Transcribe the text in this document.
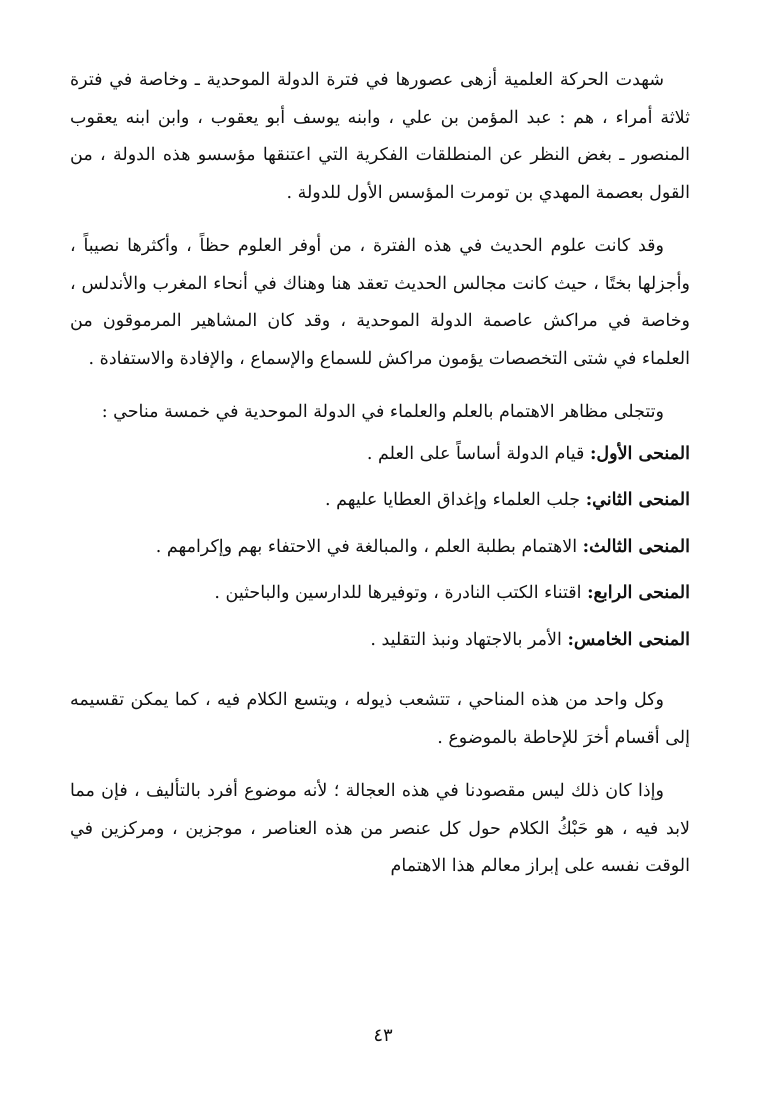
شهدت الحركة العلمية أزهى عصورها في فترة الدولة الموحدية ـ وخاصة في فترة ثلاثة أمراء ، هم : عبد المؤمن بن علي ، وابنه يوسف أبو يعقوب ، وابن ابنه يعقوب المنصور ـ بغض النظر عن المنطلقات الفكرية التي اعتنقها مؤسسو هذه الدولة ، من القول بعصمة المهدي بن تومرت المؤسس الأول للدولة .

وقد كانت علوم الحديث في هذه الفترة ، من أوفر العلوم حظاً ، وأكثرها نصيباً ، وأجزلها بختًا ، حيث كانت مجالس الحديث تعقد هنا وهناك في أنحاء المغرب والأندلس ، وخاصة في مراكش عاصمة الدولة الموحدية ، وقد كان المشاهير المرموقون من العلماء في شتى التخصصات يؤمون مراكش للسماع والإسماع ، والإفادة والاستفادة .

وتتجلى مظاهر الاهتمام بالعلم والعلماء في الدولة الموحدية في خمسة مناحي :

المنحى الأول: قيام الدولة أساساً على العلم .

المنحى الثاني: جلب العلماء وإغداق العطايا عليهم .

المنحى الثالث: الاهتمام بطلبة العلم ، والمبالغة في الاحتفاء بهم وإكرامهم .

المنحى الرابع: اقتناء الكتب النادرة ، وتوفيرها للدارسين والباحثين .

المنحى الخامس: الأمر بالاجتهاد ونبذ التقليد .

وكل واحد من هذه المناحي ، تتشعب ذيوله ، ويتسع الكلام فيه ، كما يمكن تقسيمه إلى أقسام أخرَ للإحاطة بالموضوع .

وإذا كان ذلك ليس مقصودنا في هذه العجالة ؛ لأنه موضوع أفرد بالتأليف ، فإن مما لابد فيه ، هو حَبْكُ الكلام حول كل عنصر من هذه العناصر ، موجزين ، ومركزين في الوقت نفسه على إبراز معالم هذا الاهتمام

٤٣
